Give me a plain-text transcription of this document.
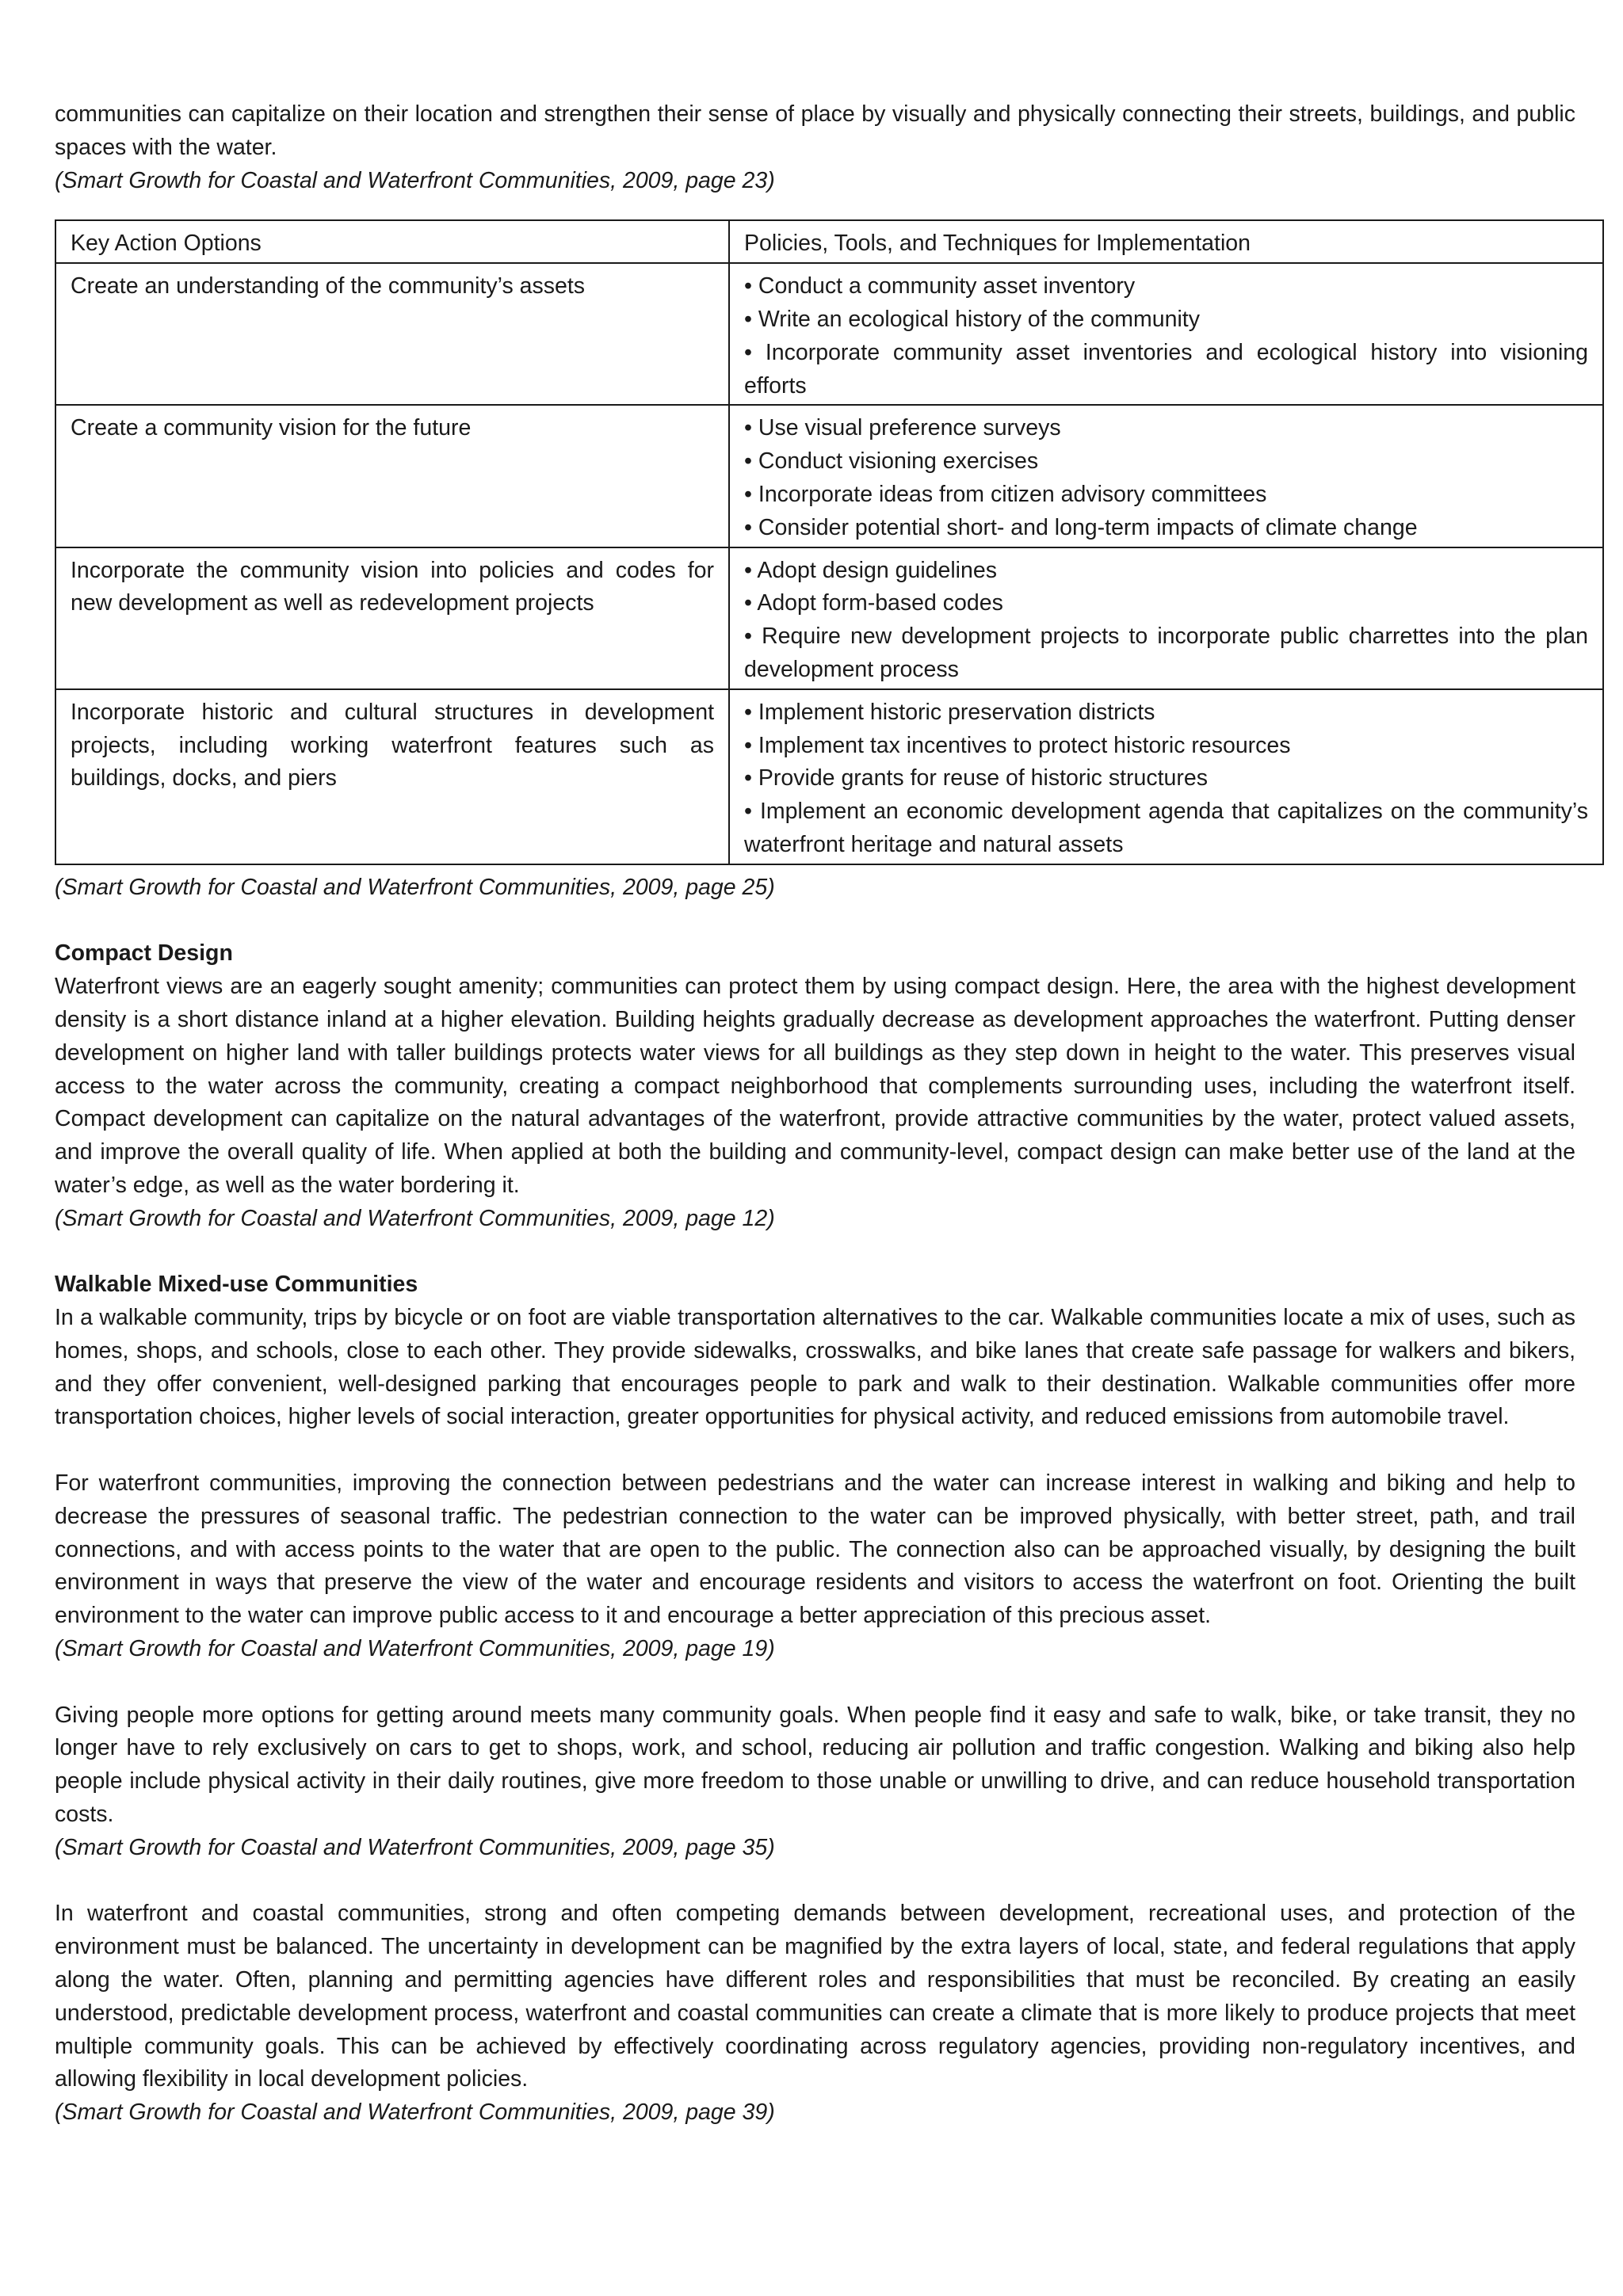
communities can capitalize on their location and strengthen their sense of place by visually and physically connecting their streets, buildings, and public spaces with the water.

(Smart Growth for Coastal and Waterfront Communities, 2009, page 23)

Key Action Options	Policies, Tools, and Techniques for Implementation
Create an understanding of the community’s assets	• Conduct a community asset inventory
• Write an ecological history of the community
• Incorporate community asset inventories and ecological history into visioning efforts

Create a community vision for the future	• Use visual preference surveys
• Conduct visioning exercises
• Incorporate ideas from citizen advisory committees
• Consider potential short- and long-term impacts of climate change

Incorporate the community vision into policies and codes for new development as well as redevelopment projects	• Adopt design guidelines
• Adopt form-based codes
• Require new development projects to incorporate public charrettes into the plan development process

Incorporate historic and cultural structures in development projects, including working waterfront features such as buildings, docks, and piers	• Implement historic preservation districts
• Implement tax incentives to protect historic resources
• Provide grants for reuse of historic structures
• Implement an economic development agenda that capitalizes on the community’s waterfront heritage and natural assets

(Smart Growth for Coastal and Waterfront Communities, 2009, page 25)

Compact Design

Waterfront views are an eagerly sought amenity; communities can protect them by using compact design. Here, the area with the highest development density is a short distance inland at a higher elevation. Building heights gradually decrease as development approaches the waterfront. Putting denser development on higher land with taller buildings protects water views for all buildings as they step down in height to the water. This preserves visual access to the water across the community, creating a compact neighborhood that complements surrounding uses, including the waterfront itself. Compact development can capitalize on the natural advantages of the waterfront, provide attractive communities by the water, protect valued assets, and improve the overall quality of life. When applied at both the building and community-level, compact design can make better use of the land at the water’s edge, as well as the water bordering it.

(Smart Growth for Coastal and Waterfront Communities, 2009, page 12)

Walkable Mixed-use Communities

In a walkable community, trips by bicycle or on foot are viable transportation alternatives to the car. Walkable communities locate a mix of uses, such as homes, shops, and schools, close to each other. They provide sidewalks, crosswalks, and bike lanes that create safe passage for walkers and bikers, and they offer convenient, well-designed parking that encourages people to park and walk to their destination. Walkable communities offer more transportation choices, higher levels of social interaction, greater opportunities for physical activity, and reduced emissions from automobile travel.

For waterfront communities, improving the connection between pedestrians and the water can increase interest in walking and biking and help to decrease the pressures of seasonal traffic. The pedestrian connection to the water can be improved physically, with better street, path, and trail connections, and with access points to the water that are open to the public. The connection also can be approached visually, by designing the built environment in ways that preserve the view of the water and encourage residents and visitors to access the waterfront on foot. Orienting the built environment to the water can improve public access to it and encourage a better appreciation of this precious asset.

(Smart Growth for Coastal and Waterfront Communities, 2009, page 19)

Giving people more options for getting around meets many community goals. When people find it easy and safe to walk, bike, or take transit, they no longer have to rely exclusively on cars to get to shops, work, and school, reducing air pollution and traffic congestion. Walking and biking also help people include physical activity in their daily routines, give more freedom to those unable or unwilling to drive, and can reduce household transportation costs.

(Smart Growth for Coastal and Waterfront Communities, 2009, page 35)

In waterfront and coastal communities, strong and often competing demands between development, recreational uses, and protection of the environment must be balanced. The uncertainty in development can be magnified by the extra layers of local, state, and federal regulations that apply along the water. Often, planning and permitting agencies have different roles and responsibilities that must be reconciled. By creating an easily understood, predictable development process, waterfront and coastal communities can create a climate that is more likely to produce projects that meet multiple community goals. This can be achieved by effectively coordinating across regulatory agencies, providing non-regulatory incentives, and allowing flexibility in local development policies.

(Smart Growth for Coastal and Waterfront Communities, 2009, page 39)
